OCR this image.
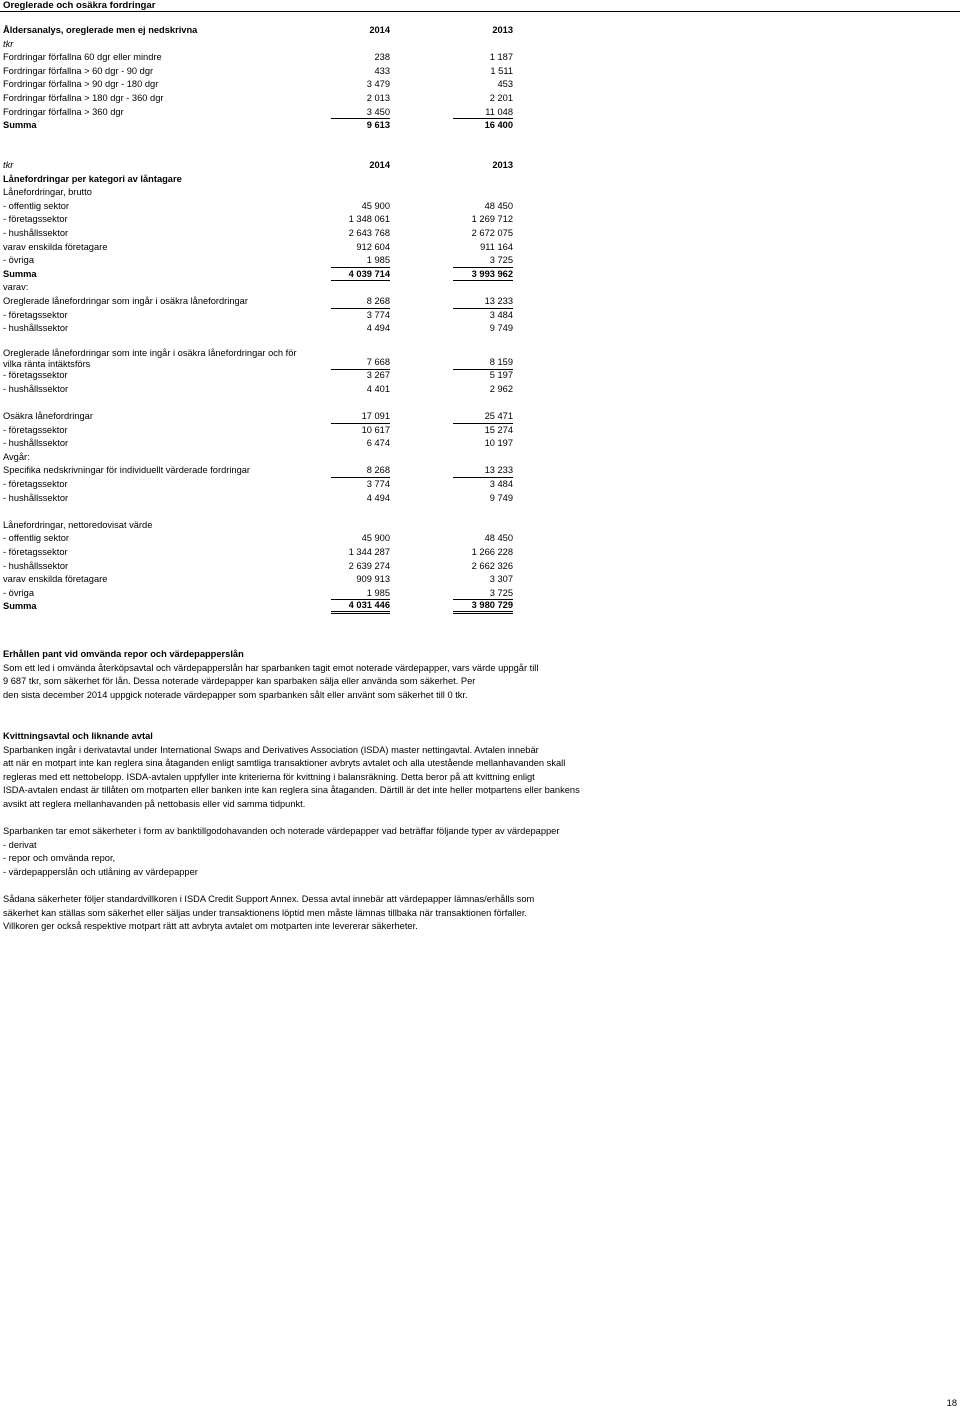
Oreglerade och osäkra fordringar
Åldersanalys, oreglerade men ej nedskrivna	2014	2013
tkr
Fordringar förfallna 60 dgr eller mindre	238	1 187
Fordringar förfallna > 60 dgr - 90 dgr	433	1 511
Fordringar förfallna > 90 dgr - 180 dgr	3 479	453
Fordringar förfallna > 180 dgr - 360 dgr	2 013	2 201
Fordringar förfallna > 360 dgr	3 450	11 048
Summa	9 613	16 400
tkr	2014	2013
Lånefordringar per kategori av låntagare
Lånefordringar, brutto
- offentlig sektor	45 900	48 450
- företagssektor	1 348 061	1 269 712
- hushållssektor	2 643 768	2 672 075
varav enskilda företagare	912 604	911 164
- övriga	1 985	3 725
Summa	4 039 714	3 993 962
varav:
Oreglerade lånefordringar som ingår i osäkra lånefordringar	8 268	13 233
- företagssektor	3 774	3 484
- hushållssektor	4 494	9 749
Oreglerade lånefordringar som inte ingår i osäkra lånefordringar och för
vilka ränta intäktsförs	7 668	8 159
- företagssektor	3 267	5 197
- hushållssektor	4 401	2 962
Osäkra lånefordringar	17 091	25 471
- företagssektor	10 617	15 274
- hushållssektor	6 474	10 197
Avgår:
Specifika nedskrivningar för individuellt värderade fordringar	8 268	13 233
- företagssektor	3 774	3 484
- hushållssektor	4 494	9 749
Lånefordringar, nettoredovisat värde
- offentlig sektor	45 900	48 450
- företagssektor	1 344 287	1 266 228
- hushållssektor	2 639 274	2 662 326
varav enskilda företagare	909 913	3 307
- övriga	1 985	3 725
Summa	4 031 446	3 980 729
Erhållen pant vid omvända repor och värdepapperslån
Som ett led i omvända återköpsavtal och värdepapperslån har sparbanken tagit emot noterade värdepapper, vars värde uppgår till
9 687 tkr, som säkerhet för lån. Dessa noterade värdepapper kan sparbaken sälja eller använda som säkerhet. Per
den sista december 2014 uppgick noterade värdepapper som sparbanken sålt eller använt som säkerhet till 0 tkr.
Kvittningsavtal och liknande avtal
Sparbanken ingår i derivatavtal under International Swaps and Derivatives Association (ISDA) master nettingavtal. Avtalen innebär
att när en motpart inte kan reglera sina åtaganden enligt samtliga transaktioner avbryts avtalet och alla utestående mellanhavanden skall
regleras med ett nettobelopp. ISDA-avtalen uppfyller inte kriterierna för kvittning i balansräkning. Detta beror på att kvittning enligt
ISDA-avtalen endast är tillåten om motparten eller banken inte kan reglera sina åtaganden. Därtill är det inte heller motpartens eller bankens
avsikt att reglera mellanhavanden på nettobasis eller vid samma tidpunkt.
Sparbanken tar emot säkerheter i form av banktillgodohavanden och noterade värdepapper vad beträffar följande typer av värdepapper
- derivat
- repor och omvända repor,
- värdepapperslån och utlåning av värdepapper
Sådana säkerheter följer standardvillkoren i ISDA Credit Support Annex. Dessa avtal innebär att värdepapper lämnas/erhålls som
säkerhet kan ställas som säkerhet eller säljas under transaktionens löptid men måste lämnas tillbaka när transaktionen förfaller.
Villkoren ger också respektive motpart rätt att avbryta avtalet om motparten inte levererar säkerheter.
18
